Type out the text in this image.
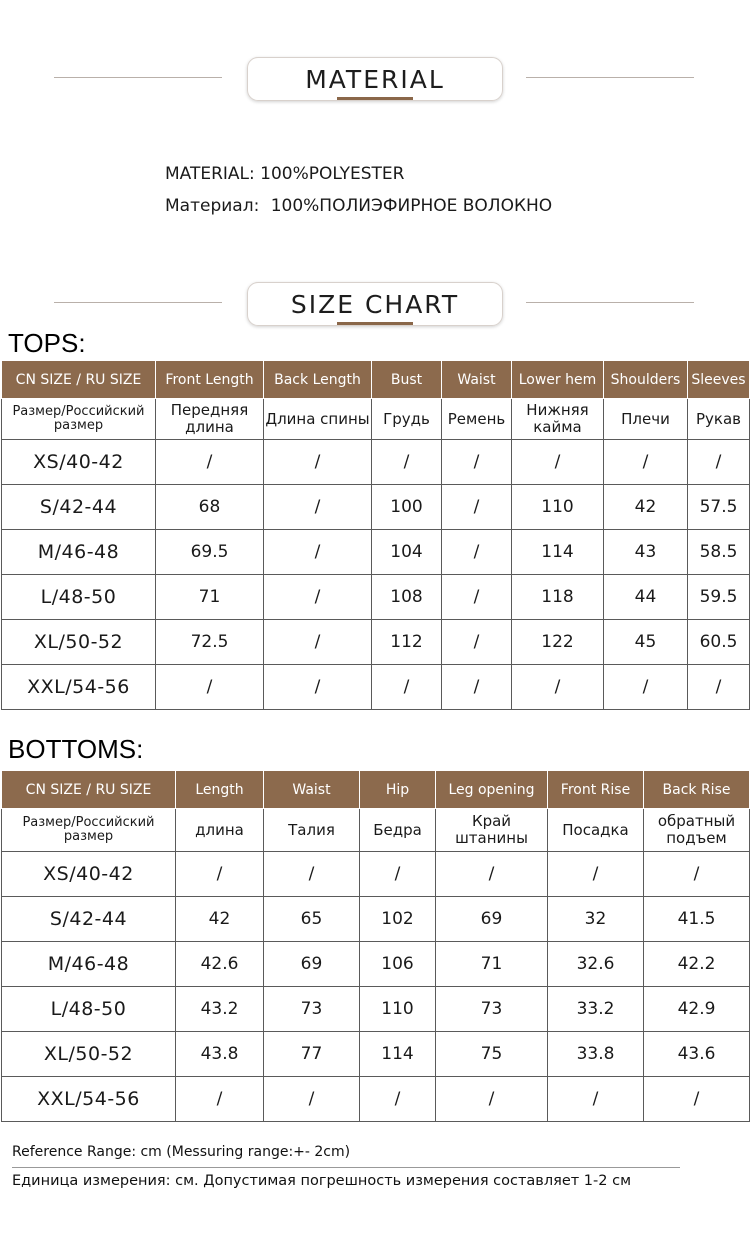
MATERIAL
MATERIAL: 100%POLYESTER
Материал: 100%ПОЛИЭФИРНОЕ ВОЛОКНО
SIZE CHART
TOPS:
CN SIZE / RU SIZE	Front Length	Back Length	Bust	Waist	Lower hem	Shoulders	Sleeves
Размер/Российский размер	Передняя длина	Длина спины	Грудь	Ремень	Нижняя кайма	Плечи	Рукав
XS/40-42	/	/	/	/	/	/	/
S/42-44	68	/	100	/	110	42	57.5
M/46-48	69.5	/	104	/	114	43	58.5
L/48-50	71	/	108	/	118	44	59.5
XL/50-52	72.5	/	112	/	122	45	60.5
XXL/54-56	/	/	/	/	/	/	/
BOTTOMS:
CN SIZE / RU SIZE	Length	Waist	Hip	Leg opening	Front Rise	Back Rise
Размер/Российский размер	длина	Талия	Бедра	Край штанины	Посадка	обратный подъем
XS/40-42	/	/	/	/	/	/
S/42-44	42	65	102	69	32	41.5
M/46-48	42.6	69	106	71	32.6	42.2
L/48-50	43.2	73	110	73	33.2	42.9
XL/50-52	43.8	77	114	75	33.8	43.6
XXL/54-56	/	/	/	/	/	/
Reference Range: cm (Messuring range:+- 2cm)
Единица измерения: см. Допустимая погрешность измерения составляет 1-2 см
